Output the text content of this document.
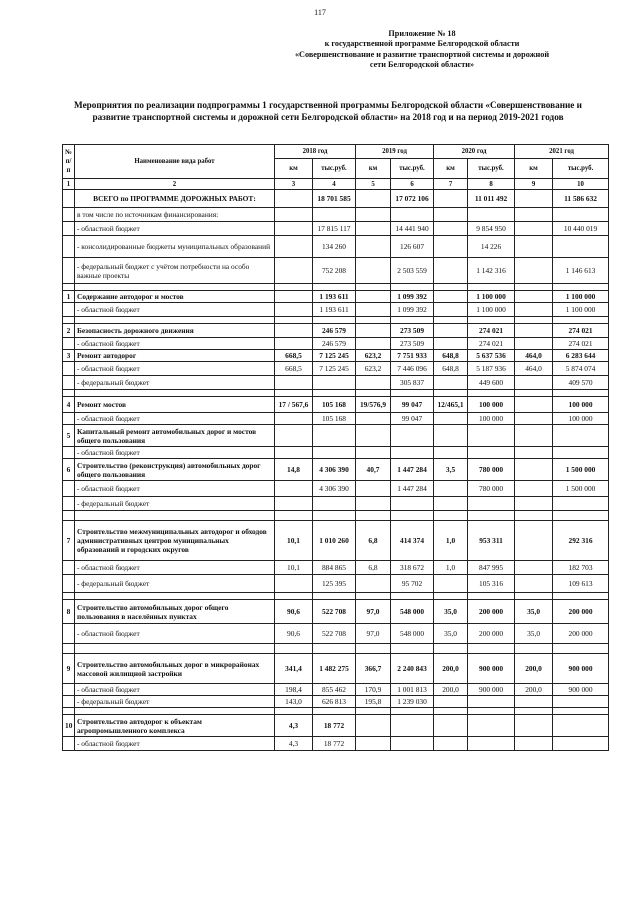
117
Приложение № 18
к государственной программе Белгородской области
«Совершенствование и развитие транспортной системы и дорожной
сети Белгородской области»
Мероприятия по реализации подпрограммы 1 государственной программы Белгородской области «Совершенствование и
развитие транспортной системы и дорожной сети Белгородской области» на 2018 год и на период 2019-2021 годов
№ п/п	Наименование вида работ	2018 год		2019 год		2020 год		2021 год	
		км	тыс.руб.	км	тыс.руб.	км	тыс.руб.	км	тыс.руб.
1	2	3	4	5	6	7	8	9	10
	ВСЕГО по ПРОГРАММЕ ДОРОЖНЫХ РАБОТ:		18 701 585		17 072 106		11 011 492		11 586 632
	в том числе по источникам финансирования:								
	- областной бюджет		17 815 117		14 441 940		9 854 950		10 440 019
	- консолидированные бюджеты муниципальных образований		134 260		126 607		14 226		
	- федеральный бюджет с учётом потребности на особо важные проекты		752 208		2 503 559		1 142 316		1 146 613

1	Содержание автодорог и мостов		1 193 611		1 099 392		1 100 000		1 100 000
	- областной бюджет		1 193 611		1 099 392		1 100 000		1 100 000

2	Безопасность дорожного движения		246 579		273 509		274 021		274 021
	- областной бюджет		246 579		273 509		274 021		274 021
3	Ремонт автодорог	668,5	7 125 245	623,2	7 751 933	648,8	5 637 536	464,0	6 283 644
	- областной бюджет	668,5	7 125 245	623,2	7 446 096	648,8	5 187 936	464,0	5 874 074
	- федеральный бюджет				305 837		449 600		409 570

4	Ремонт мостов	17 / 567,6	105 168	19/576,9	99 047	12/465,1	100 000		100 000
	- областной бюджет		105 168		99 047		100 000		100 000
5	Капитальный ремонт автомобильных дорог и мостов общего пользования								
	- областной бюджет								
6	Строительство (реконструкция) автомобильных дорог общего пользования	14,8	4 306 390	40,7	1 447 284	3,5	780 000		1 500 000
	- областной бюджет		4 306 390		1 447 284		780 000		1 500 000
	- федеральный бюджет								

7	Строительство межмуниципальных автодорог и обходов административных центров муниципальных образований и городских округов	10,1	1 010 260	6,8	414 374	1,0	953 311		292 316
	- областной бюджет	10,1	884 865	6,8	318 672	1,0	847 995		182 703
	- федеральный бюджет		125 395		95 702		105 316		109 613

8	Строительство автомобильных дорог общего пользования в населённых пунктах	90,6	522 708	97,0	548 000	35,0	200 000	35,0	200 000
	- областной бюджет	90,6	522 708	97,0	548 000	35,0	200 000	35,0	200 000

9	Строительство автомобильных дорог в микрорайонах массовой жилищной застройки	341,4	1 482 275	366,7	2 240 843	200,0	900 000	200,0	900 000
	- областной бюджет	198,4	855 462	170,9	1 001 813	200,0	900 000	200,0	900 000
	- федеральный бюджет	143,0	626 813	195,8	1 239 030				

10	Строительство автодорог к объектам агропромышленного комплекса	4,3	18 772						
	- областной бюджет	4,3	18 772						
